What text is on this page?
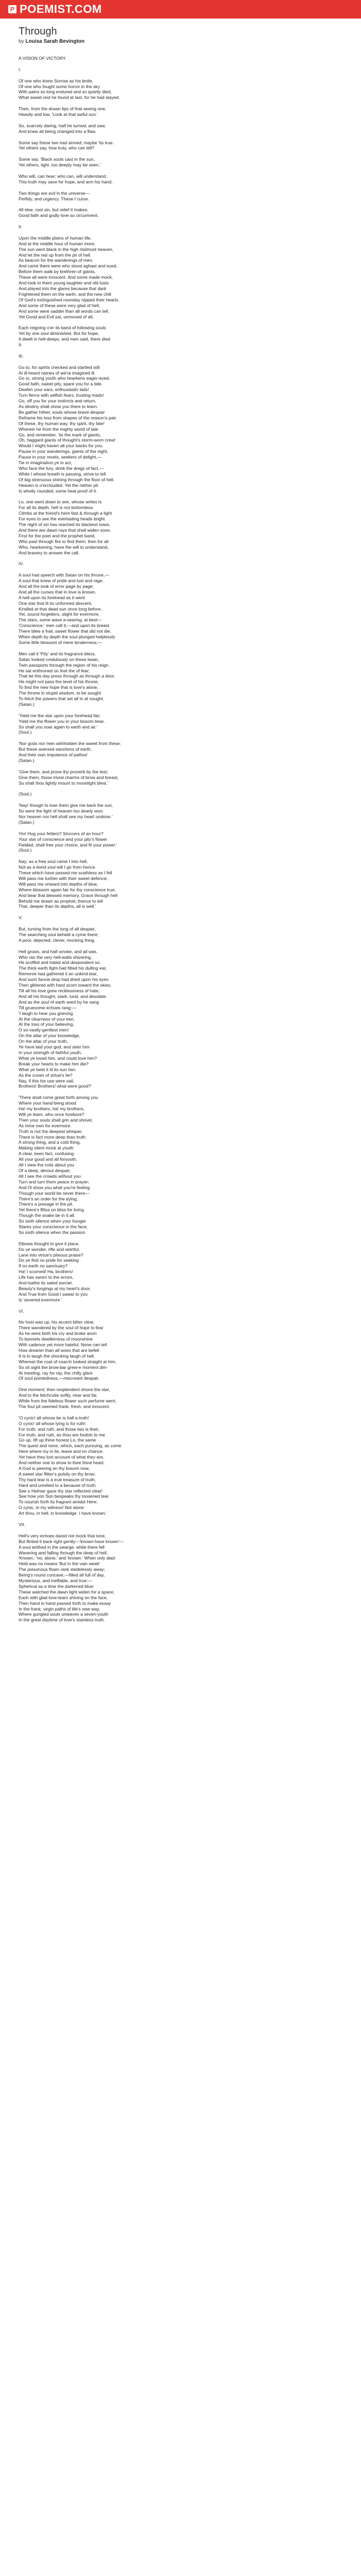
P POEMIST.COM
Through
by Louisa Sarah Bevington
A VISION OF VICTORY
I.
Of one who knew Sorrow as his bride,
Of one who fought some horror in the sky
With pains so long endured and so quietly died,
What sweet rest he found at last, for he had stayed.
Then, from the drawn lips of that seeing one,
Heavily and low, 'Look at that awful sun.'
So, scarcely daring, half he turned, and saw,
And knew all being changed into a flaw.
Some say these two had sinned; maybe 'tis true.
Yet others say, how truly, who can tell?
Some say, 'Black souls cast in the sun,
Yet others, light, too deeply may be seen.'
Who will, can hear; who can, will understand.
This truth may save for hope, and arm his hand.
Two things are evil in the universe—
Perfidy, and urgency. These I curse.
All else, root sin, but relief it makes:
Good faith and godly love so circumvent.
II.
Upon the middle plains of human life,
And at the middle hour of human more,
The sun went black in the high midmost heaven,
And let the red up from the pit of hell.
As beacon for the wanderings of men.
And came there were who stood aghast and eyed,
Before them walk by brethren of giants,
These all were innocent. And some made mock,
And took to them young laughter and old lusts
And played into the glares because that dark
Frightened them on the earth, and the new chill
Of God's extinguished noonday nipped their hearts.
And some of these were very glad of hell,
And some were sadder than all words can tell.
Yet Good and Evil sat, unmoved of all,
Each reigning o'er its band of following souls
Yet by one soul diminished. But for hope,
It dwelt in hell-deeps; and men said, there died
It.
III.
Go to, for spirits checked and startled still
At ill-heard names of we're imagined ill.
Go to, strong youth who hearkens eager-eyed,
Good faith, sweet pity, spare you for a tide.
Deafen your ears, enthusiastic lads!
Turn fierce with selfish fears, trusting mads!
Go, off you for your instincts and return,
As destiny shall show you there to learn.
Be gather hither, souls whose brave despair
Reframe his loss from shapes of the reason's pair.
Of these, thy human way, thy spirit, thy fate!
Wherein he from the mighty world of late
Go, and remember, 'tis the mark of giants,
Oh, haggard giants of thought's storm-worn crew!
Would I might haven all your backs for you.
Pause in your wanderings, giants of the night,
Pause in your revels, seekers of delight,—
Tie in imagination,ye in act,
Who face the fury, drink the dregs of fact,—
While I whose breath is passing, strive to tell
Of big-strenuous shining through the floor of hell.
Heaven is o'erclouded. Yet the nether pit
Is wholly rounded; some heat proof of it.
Lo, one went down to see, whose writes is
For all its depth, hell is not bottomless.
Climbs at the friend's here fast & through a light
For eyes to see the everlasting heads bright.
The night of sin has reached its blackest nows.
And there are dawn-rays that shall widen soon,
First for the poet and the prophet band,
Who past through fire to find them; then for all
Who, hearkening, have the will to understand,
And bravery to answer the call.
IV.
A soul had speech with Satan on his throne,—
A soul that knew of pride and lust and rage,
And all the look of error page by page;
And all the curses that in love is known.
A hell upon its forehead as it went
One star that lit its unformed descent,
Kindled at that dead sun once long before,
Yet, sound forgetters, slight for evermore.
The stars, some wave a-searing, at best—
'Conscience,' men call it,—and upon its breast
There blew a frail, sweet flower that did not die,
When depth by depth the soul plunged helplessly
Some little blossom of mere tenderness;—
Men call it 'Pity' and its fragrance bless.
Satan looked credulously on these twain,
Twin passports through the region of his reign.
He sat enthroned on that the of fear;
That let this day press through as through a door,
He might not pass the level of his throne,
To find the new hope that is love's alone,
The throne in stupid wisdom, to be sought
To fetch the powers that set all in at nought.
(Satan.)
'Yield me the star upon your forehead fair,
Yield me the flower you in your bosom bear,
So shall you soar again to earth and air.'
(Soul.)
'Nor gods nor men withholden the sweet from these;
But these aversed sanctions of earth,
And their own Impotence of pathos'
(Satan.)
'Give them, and prove thy proverb by the test;
Give them, those trivial charms of brow and breast,
So shall thou lightly mount to moonlight blest.'
(Soul.)
'Nay! though to lose them give me back the sun,
So were the light of heaven too dearly won;
Nor heaven nor hell shall see my heart undone.'
(Satan.)
'Ho! Hug your fetters? Sinccers of an hour?
Your star of conscience and your pity's flower
Fielded, shall free your choice, and fit your power.'
(Soul.)
Nay; as a free soul came I into hell,
Not as a bond soul will I go from hence.
These which have passed me scathless as I fell
Will pass me further with their sweet defence;
Will pass me onward into depths of blue,
Where blossom again fair for thy conscience true,
And bear that blessed memory, Grace through hell
Behold me drawn as prophet; thence to tell
That, deeper than its depths, all is well.'
V.
But, turning from the long of all despair,
The searching soul beheld a cyme there;
A poor, dejected, clever, mocking thing.
Hell grows, and half smoke, and all was.
Who ran the very hell-walls shivering,
He scoffed and hated and despondent so.
The thick earth fight-had fitted his dulling ear,
Remorse had gathered it an unkind tear,
And such fancie drop had dried upon his eyes
Then glittered with hard scorn toward the skies,
Till all his love grew recklessness of hate,
And all his thought, stark, lurid, and desolate.
And as the soul of earth went by he sang
Till gruesome echoes rang:—
'I laugh to hear you grieving
At the clearness of your ken,
At the loss of your believing,
O so-vastly-gentlest men!
On the altar of your knowledge,
On the altar of your truth,
Ye have laid your god, and slain him
In your strength of faithful youth.
What ye loved him, and could love him?
Break your hearts to make him die?
What ye twist it til its sun hen
As the crown of virtue's lie?
Nay, if this his use were vail,
Brothers! Brothers! what were good?'
'There shall come great forth among you
Where your hand-beng stood.
Ha! my brothers, ha! my brothers,
Will ye learn, who once forebore?
Then your souls shall grin and shrivel,
As mine own for evermore.
Truth is not the deepest whisper,
There is fact more deep than truth:
A strong thing, and a cold thing,
Making silent mock at youth:
A clear, keen fact, confusing
All your good and all forsooth.
All I view the coils about you
Of a deep, devout despair;
All I see the crowds without you
Turn and turn them peace in prayer;
And I'll show you what you're feeling
Though your world be never there—
There's an order for the dying,
There's a presage in the pit,
Yet there's Bliss on bliss for living
Though the snake be in it all:
So sixth silence when your hunger
Stares your conscience in the face;
So sixth silence when the passion
Elbows thought to give it place.
Do ye wonder, rifle and wishful,
Lane into virtue's piteous praise?
Do ye find no pride for seeking
If on earth no sanctuary?
Ha! I scorned! Ha, brothers!
Life has sworn to the errors,
And loathe its sated sorcier.
Beauty's longings at my heart's door,
And True from Good I swear to you
Is 'severed evermore.'
VI.
No host was up, his accent bitter clear,
There wandered by the soul of hope to fear
As he were both his cry and broke anon
To bonnets dwellerness of moonshine
With cadence yet more hateful. None can tell
How drearier than all woes that are befell
It is to laugh the shocking laugh of hell.
Whereat the coat of coarch looked straight at him,
So sit sight the brow-bar grew-e moment dim
At meeting, ray for ray, the chilly glare
Of soul pointedness,—miscreant despair.
One moment; then resplendent shone the star,
And to the fetchcutie softly, near and far,
While from the fideless flower such perfume went,
The foul pit seemed frank, fresh, and innocent.
'O cynic! all whose be is hall a truth!
O cynic! all whose lying is for ruth!
For truth, and ruth, and those two is their,
For truth, and ruth, as thou are foolish to me
Go up, lift up thine honest Lo, the same
The quest and none, which, each pursuing, as come
Here where my in lie, leave and no chance.
Yet have they lost account of what they are,
And neither one to show to thee thine heart;
A God is peering on thy bosom now,
A sweet star flitter's pulsily on thy brow;
Thy hard tear is a true treasure of truth;
Hard and unrelied to a because of truth.
See o Helmer gaze thy star reflected clear!
See how yon Sun bespeaks thy loosened tear
To nourish forth its fragrant amidst Here;
O cynic, in my witness! Not alone
Art thou, in hell, in knowledge. I have known.'
VII.
Hell's very echoes dared not mock that tone,
But flinted it back right gently—'known-have known'—
A soul writhed in the swarge, while there fell
Wavering and falling through the deep of hell,
'Known,' 'no; alone,' and 'known.' When only dept
Held was no means 'But in the vain week'
The poisonous flown rank stedelessly away;
Being's round concave,—filled all full of day,
Mysterious, and ineffable, and true;—
Spherical as a time the darkened blue;
These watched the dawn light widen for a space;
Each with glad love-tears shining on the face,
Then hand in hand passed forth to make essay
In the frank, virgin paths of life's new way,
Where gungled souls unwaven a seven-youth
In the great daytime of love's stainless truth.
